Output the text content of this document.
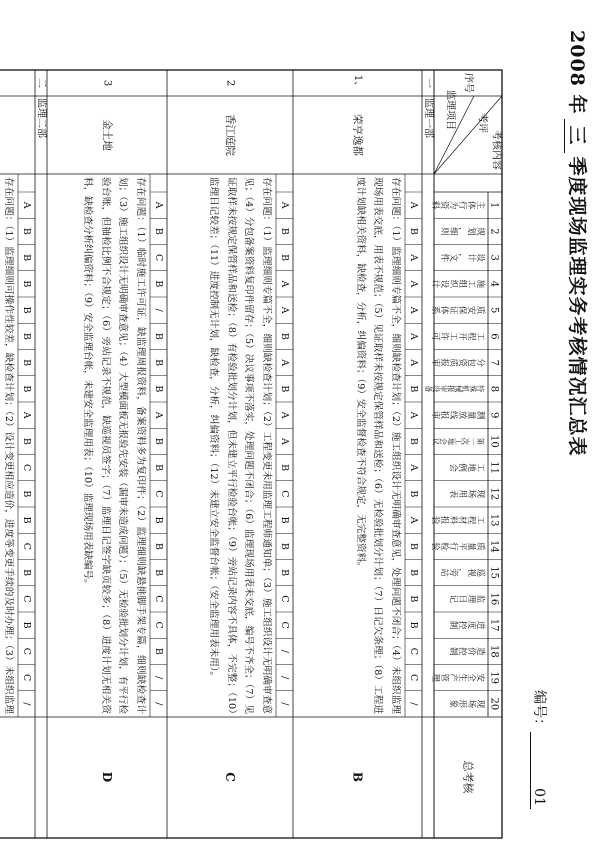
2008 年三季度现场监理实务考核情况汇总表
编号：01
序号
监理项目 考评
考核内容
总考核
1
主体行为资料
2
规划，细则
3
设计，文件
4
施工组织设计
5
质安保证体系
6
工程开工许可
7
分包资质报审
8
特殊机械报审设备
9
测量放线报审
10
第一次工地会议
11
工地例会
12
现场用表
13
工程材料报验
14
质量平行检验
15
巡视，旁站
16
监理日记
17
进度控制
18
造价控制
19
安全生产管理
20
现场形象
一
监理一部
二
监理二部
1、
荣亨逸都
A
B
A
A
A
A
A
B
A
B
A
B
A
B
B
B
B
C
C
/
B
2
香江庭院
A
B
B
A
A
B
A
B
A
A
B
C
B
B
B
C
C
/
/
/
C
3
金土地
A
B
C
B
/
B
B
B
A
B
B
C
B
B
B
C
C
B
/
/
D
A
B
B
B
B
B
B
B
A
B
C
B
B
C
B
C
B
C
C
/	存在问题：（1）监理细则专篇不全，细则缺检查计划；（2）施工组织设计无明确审查意见，处理问题不闭合；（4）未组织监理现场用表交底，用表不规范；（5）见证取样未按规定保管样品和送检；（6）无检验批划分计划；（7）日记欠条理；（8）工程进度计划缺相关资料，缺检查，分析，纠偏资料；（9）安全监督检查不符合规定，无完整资料。
存在问题：（1）监理细则专篇不全，细则缺检查计划；（2）工程变更未用监理工程师通知单；（3）施工组织设计无明确审查意见；（4）分包备案资料复印件留存；（5）决议事项不落实，处理问题不闭合；（6）监理现场用表未交底，编号不齐全；（7）见证取样未按规定保管样品和送检；（8）有检验批划分计划，但未建立平行检验台帐；（9）旁站记录内容不具体，不完整；（10）监理日记较差；（11）进度控制无计划，缺检查，分析，纠偏资料；（12）未建立安全监督台帐；（安全监理用表未用）。
存在问题：（1）临时施工许可证，缺监理周报资料，备案资料多为复印件；（2）监理细则缺悬挑脚手架专篇，细则缺检查计划；（3）施工组织设计无明确审查意见；（4）大型模面板无报验先安装（漏审未造成问题）；（5）无检验批划分计划，有平行检验台账，但抽检比例不合规定；（6）旁站记录不规范，缺巡视员签字；（7）监理日记签字缺页较多；（8）进度计划无相关资料，缺检查分析纠偏资料；（9）安全监理台帐，未建安全监理用表；（10）监理现场用表缺编号。
存在问题：（1）监理细则可操作性较差，缺检查计划；（2）设计变更相应造价，进度等变更手续的及时办理；（3）未组织监理
